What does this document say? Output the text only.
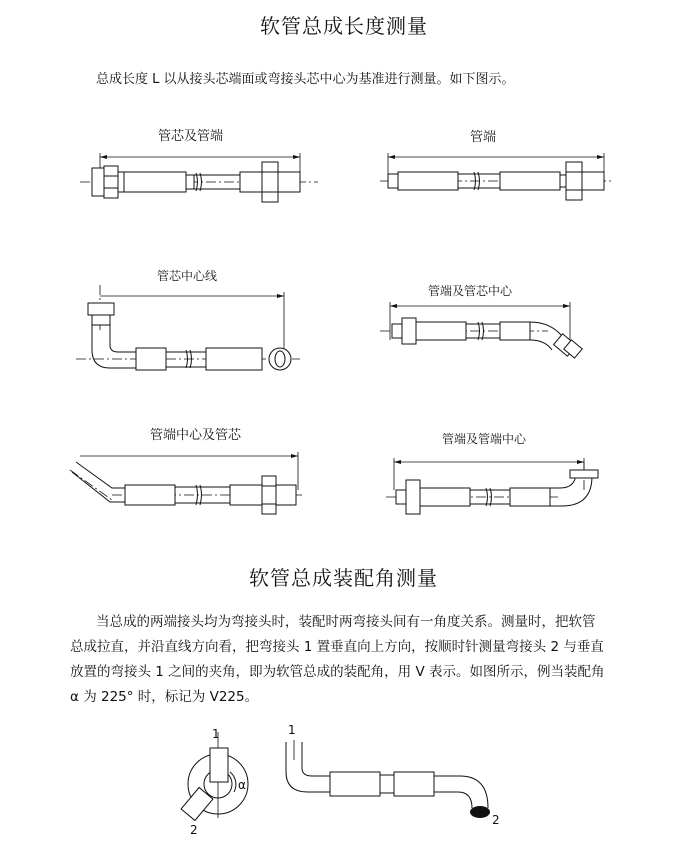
软管总成长度测量
总成长度 L 以从接头芯端面或弯接头芯中心为基准进行测量。如下图示。
管芯及管端	管端
管芯中心线
管端及管芯中心
管端中心及管芯	管端及管端中心
软管总成装配角测量

当总成的两端接头均为弯接头时，装配时两弯接头间有一角度关系。测量时，把软管

总成拉直，并沿直线方向看，把弯接头 1 置垂直向上方向，按顺时针测量弯接头 2 与垂直

放置的弯接头 1 之间的夹角，即为软管总成的装配角，用 V 表示。如图所示，例当装配角

α 为 225° 时，标记为 V225。

1
2
α
1
2
